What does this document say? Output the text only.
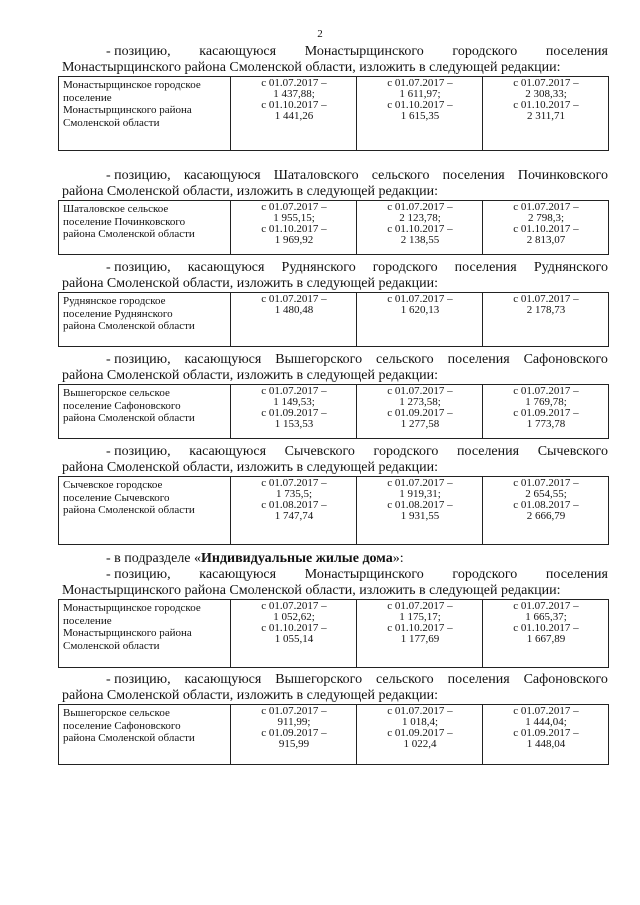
2
- позицию, касающуюся Монастырщинского городского поселения
Монастырщинского района Смоленской области, изложить в следующей редакции:
Монастырщинское городское
поселение
Монастырщинского района
Смоленской области

с 01.07.2017 –
1 437,88;
с 01.10.2017 –
1 441,26

с 01.07.2017 –
1 611,97;
с 01.10.2017 –
1 615,35

с 01.07.2017 –
2 308,33;
с 01.10.2017 –
2 311,71
- позицию, касающуюся Шаталовского сельского поселения Починковского
района Смоленской области, изложить в следующей редакции:
Шаталовское сельское
поселение Починковского
района Смоленской области

с 01.07.2017 –
1 955,15;
с 01.10.2017 –
1 969,92

с 01.07.2017 –
2 123,78;
с 01.10.2017 –
2 138,55

с 01.07.2017 –
2 798,3;
с 01.10.2017 –
2 813,07
- позицию, касающуюся Руднянского городского поселения Руднянского
района Смоленской области, изложить в следующей редакции:
Руднянское городское
поселение Руднянского
района Смоленской области

с 01.07.2017 –
1 480,48

с 01.07.2017 –
1 620,13

с 01.07.2017 –
2 178,73
- позицию, касающуюся Вышегорского сельского поселения Сафоновского
района Смоленской области, изложить в следующей редакции:
Вышегорское сельское
поселение Сафоновского
района Смоленской области

с 01.07.2017 –
1 149,53;
с 01.09.2017 –
1 153,53

с 01.07.2017 –
1 273,58;
с 01.09.2017 –
1 277,58

с 01.07.2017 –
1 769,78;
с 01.09.2017 –
1 773,78
- позицию, касающуюся Сычевского городского поселения Сычевского
района Смоленской области, изложить в следующей редакции:
Сычевское городское
поселение Сычевского
района Смоленской области

с 01.07.2017 –
1 735,5;
с 01.08.2017 –
1 747,74

с 01.07.2017 –
1 919,31;
с 01.08.2017 –
1 931,55

с 01.07.2017 –
2 654,55;
с 01.08.2017 –
2 666,79
- в подразделе «Индивидуальные жилые дома»:
- позицию, касающуюся Монастырщинского городского поселения
Монастырщинского района Смоленской области, изложить в следующей редакции:
Монастырщинское городское
поселение
Монастырщинского района
Смоленской области

с 01.07.2017 –
1 052,62;
с 01.10.2017 –
1 055,14

с 01.07.2017 –
1 175,17;
с 01.10.2017 –
1 177,69

с 01.07.2017 –
1 665,37;
с 01.10.2017 –
1 667,89
- позицию, касающуюся Вышегорского сельского поселения Сафоновского
района Смоленской области, изложить в следующей редакции:
Вышегорское сельское
поселение Сафоновского
района Смоленской области

с 01.07.2017 –
911,99;
с 01.09.2017 –
915,99

с 01.07.2017 –
1 018,4;
с 01.09.2017 –
1 022,4

с 01.07.2017 –
1 444,04;
с 01.09.2017 –
1 448,04
